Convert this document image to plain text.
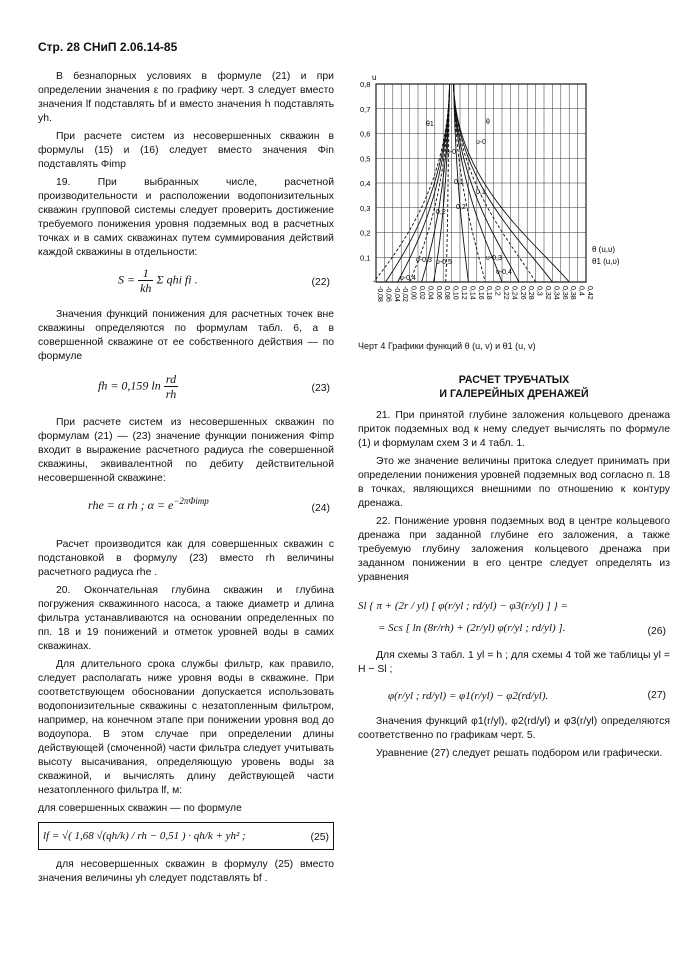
Стр. 28 СНиП 2.06.14-85

В безнапорных условиях в формуле (21) и при определении значения ε по графику черт. 3 следует вместо значения lf подставлять bf и вместо значения h подставлять yh.

При расчете систем из несовершенных скважин в формулы (15) и (16) следует вместо значения Φin подставлять Φimp

19. При выбранных числе, расчетной производительности и расположении водопонизительных скважин групповой системы следует проверить достижение требуемого понижения уровня подземных вод в расчетных точках и в самих скважинах путем суммирования действий каждой скважины в отдельности:

$S = \frac{1}{kh}$ Σ qhi fi .	(22)

Значения функций понижения для расчетных точек вне скважины определяются по формулам табл. 6, а в совершенной скважине от ее собственного действия — по формуле

fh = 0,159 $\ln \frac{rd}{rh}$	(23)

При расчете систем из несовершенных скважин по формулам (21) — (23) значение функции понижения Φimp входит в выражение расчетного радиуса rhe совершенной скважины, эквивалентной по дебиту действительной несовершенной скважине:

rhe = α rh ; $\alpha = e^{-2\pi\Phi imp}$
(24)

Расчет производится как для совершенных скважин с подстановкой в формулу (23) вместо rh величины расчетного радиуса rhe .

20. Окончательная глубина скважин и глубина погружения скважинного насоса, а также диаметр и длина фильтра устанавливаются на основании определенных по пп. 18 и 19 понижений и отметок уровней воды в самих скважинах.

Для длительного срока службы фильтр, как правило, следует располагать ниже уровня воды в скважине. При соответствующем обосновании допускается использовать водопонизительные скважины с незатопленным фильтром, например, на конечном этапе при понижении уровня вод до водоупора. В этом случае при определении длины действующей (смоченной) части фильтра следует учитывать высоту высачивания, определяющую уровень воды за скважиной, и вычислять длину действующей части незатопленного фильтра lf, м:

для совершенных скважин — по формуле

lf = √( 1,68 √(qh/k) / rh − 0,51 ) · qh/k + yh² ;	(25)

для несовершенных скважин в формулу (25) вместо значения величины yh следует подставлять bf .

-0,08 -0,06 -0,04 -0,02 0,00 0,02 0,04 0,06 0,08 0,10 0,12 0,14 0,16 0,18 0,2 0,22 0,24 0,26 0,28 0,3 0,32 0,34 0,36 0,38 0,4 0,42
0,1
0,2
0,3
0,4
0,5
0,6
0,7
0,8
u
θ1	θ
υ-0
υ-0
0,1
0,1
0,2
0,2
υ-0,3
υ-0,4
υ-0,5
υ-0,3
υ-0,4
θ (u,υ)
θ1 (u,υ)
Черт 4 Графики функций θ (u, v) и θ1 (u, v)
РАСЧЕТ ТРУБЧАТЫХ
И ГАЛЕРЕЙНЫХ ДРЕНАЖЕЙ

21. При принятой глубине заложения кольцевого дренажа приток подземных вод к нему следует вычислять по формуле (1) и формулам схем 3 и 4 табл. 1.

Это же значение величины притока следует принимать при определении понижения уровней подземных вод согласно п. 18 в точках, являющихся внешними по отношению к контуру дренажа.

22. Понижение уровня подземных вод в центре кольцевого дренажа при заданной глубине его заложения, а также требуемую глубину заложения кольцевого дренажа при заданном понижении в его центре следует определять из уравнения

Sl { π + (2r / yl) [ φ(r/yl ; rd/yl) − φ3(r/yl) ] } =
= Scs [ ln (8r/rh) + (2r/yl) φ(r/yl ; rd/yl) ].	(26)

Для схемы 3 табл. 1 yl = h ; для схемы 4 той же таблицы yl = H − Sl ;

φ(r/yl ; rd/yl) = φ1(r/yl) − φ2(rd/yl).	(27)

Значения функций φ1(r/yl), φ2(rd/yl) и φ3(r/yl) определяются соответственно по графикам черт. 5.

Уравнение (27) следует решать подбором или графически.
